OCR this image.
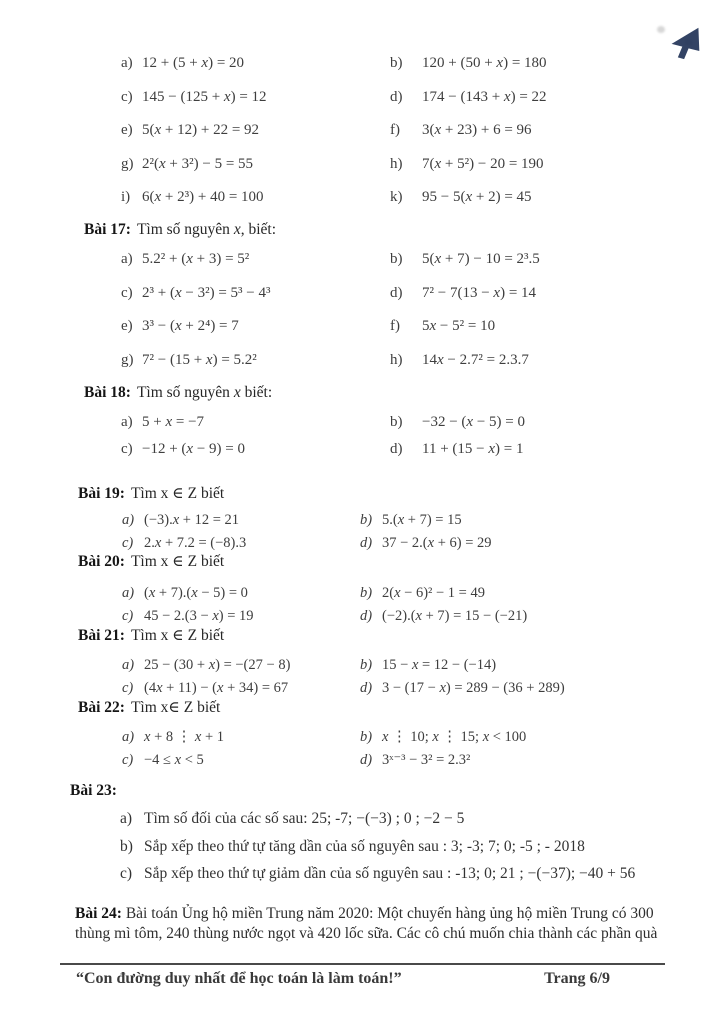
a) 12 + (5 + x) = 20	b) 120 + (50 + x) = 180
c) 145 − (125 + x) = 12	d) 174 − (143 + x) = 22
e) 5(x + 12) + 22 = 92	f) 3(x + 23) + 6 = 96
g) 2²(x + 3²) − 5 = 55	h) 7(x + 5²) − 20 = 190
i) 6(x + 2³) + 40 = 100	k) 95 − 5(x + 2) = 45
Bài 17: Tìm số nguyên x, biết:
a) 5.2² + (x + 3) = 5²	b) 5(x + 7) − 10 = 2³.5
c) 2³ + (x − 3²) = 5³ − 4³	d) 7² − 7(13 − x) = 14
e) 3³ − (x + 2⁴) = 7	f) 5x − 5² = 10
g) 7² − (15 + x) = 5.2²	h) 14x − 2.7² = 2.3.7
Bài 18: Tìm số nguyên x biết:
a) 5 + x = −7	b) −32 − (x − 5) = 0
c) −12 + (x − 9) = 0	d) 11 + (15 − x) = 1
Bài 19: Tìm x ∈ Z biết
a) (−3).x + 12 = 21	b) 5.(x + 7) = 15
c) 2.x + 7.2 = (−8).3	d) 37 − 2.(x + 6) = 29
Bài 20: Tìm x ∈ Z biết
a) (x + 7).(x − 5) = 0	b) 2(x − 6)² − 1 = 49
c) 45 − 2.(3 − x) = 19	d) (−2).(x + 7) = 15 − (−21)
Bài 21: Tìm x ∈ Z biết
a) 25 − (30 + x) = −(27 − 8)	b) 15 − x = 12 − (−14)
c) (4x + 11) − (x + 34) = 67	d) 3 − (17 − x) = 289 − (36 + 289)
Bài 22: Tìm x∈ Z biết
a) x + 8 ⋮ x + 1	b) x ⋮ 10; x ⋮ 15; x < 100
c) −4 ≤ x < 5	d) 3ˣ⁻³ − 3² = 2.3²
Bài 23:
a) Tìm số đối của các số sau: 25; -7; −(−3) ; 0 ; −2 − 5
b) Sắp xếp theo thứ tự tăng dần của số nguyên sau : 3; -3; 7; 0; -5 ; - 2018
c) Sắp xếp theo thứ tự giảm dần của số nguyên sau : -13; 0; 21 ; −(−37); −40 + 56

Bài 24: Bài toán Ủng hộ miền Trung năm 2020: Một chuyến hàng ủng hộ miền Trung có 300 thùng mì tôm, 240 thùng nước ngọt và 420 lốc sữa. Các cô chú muốn chia thành các phần quà

“Con đường duy nhất để học toán là làm toán!”	Trang 6/9
